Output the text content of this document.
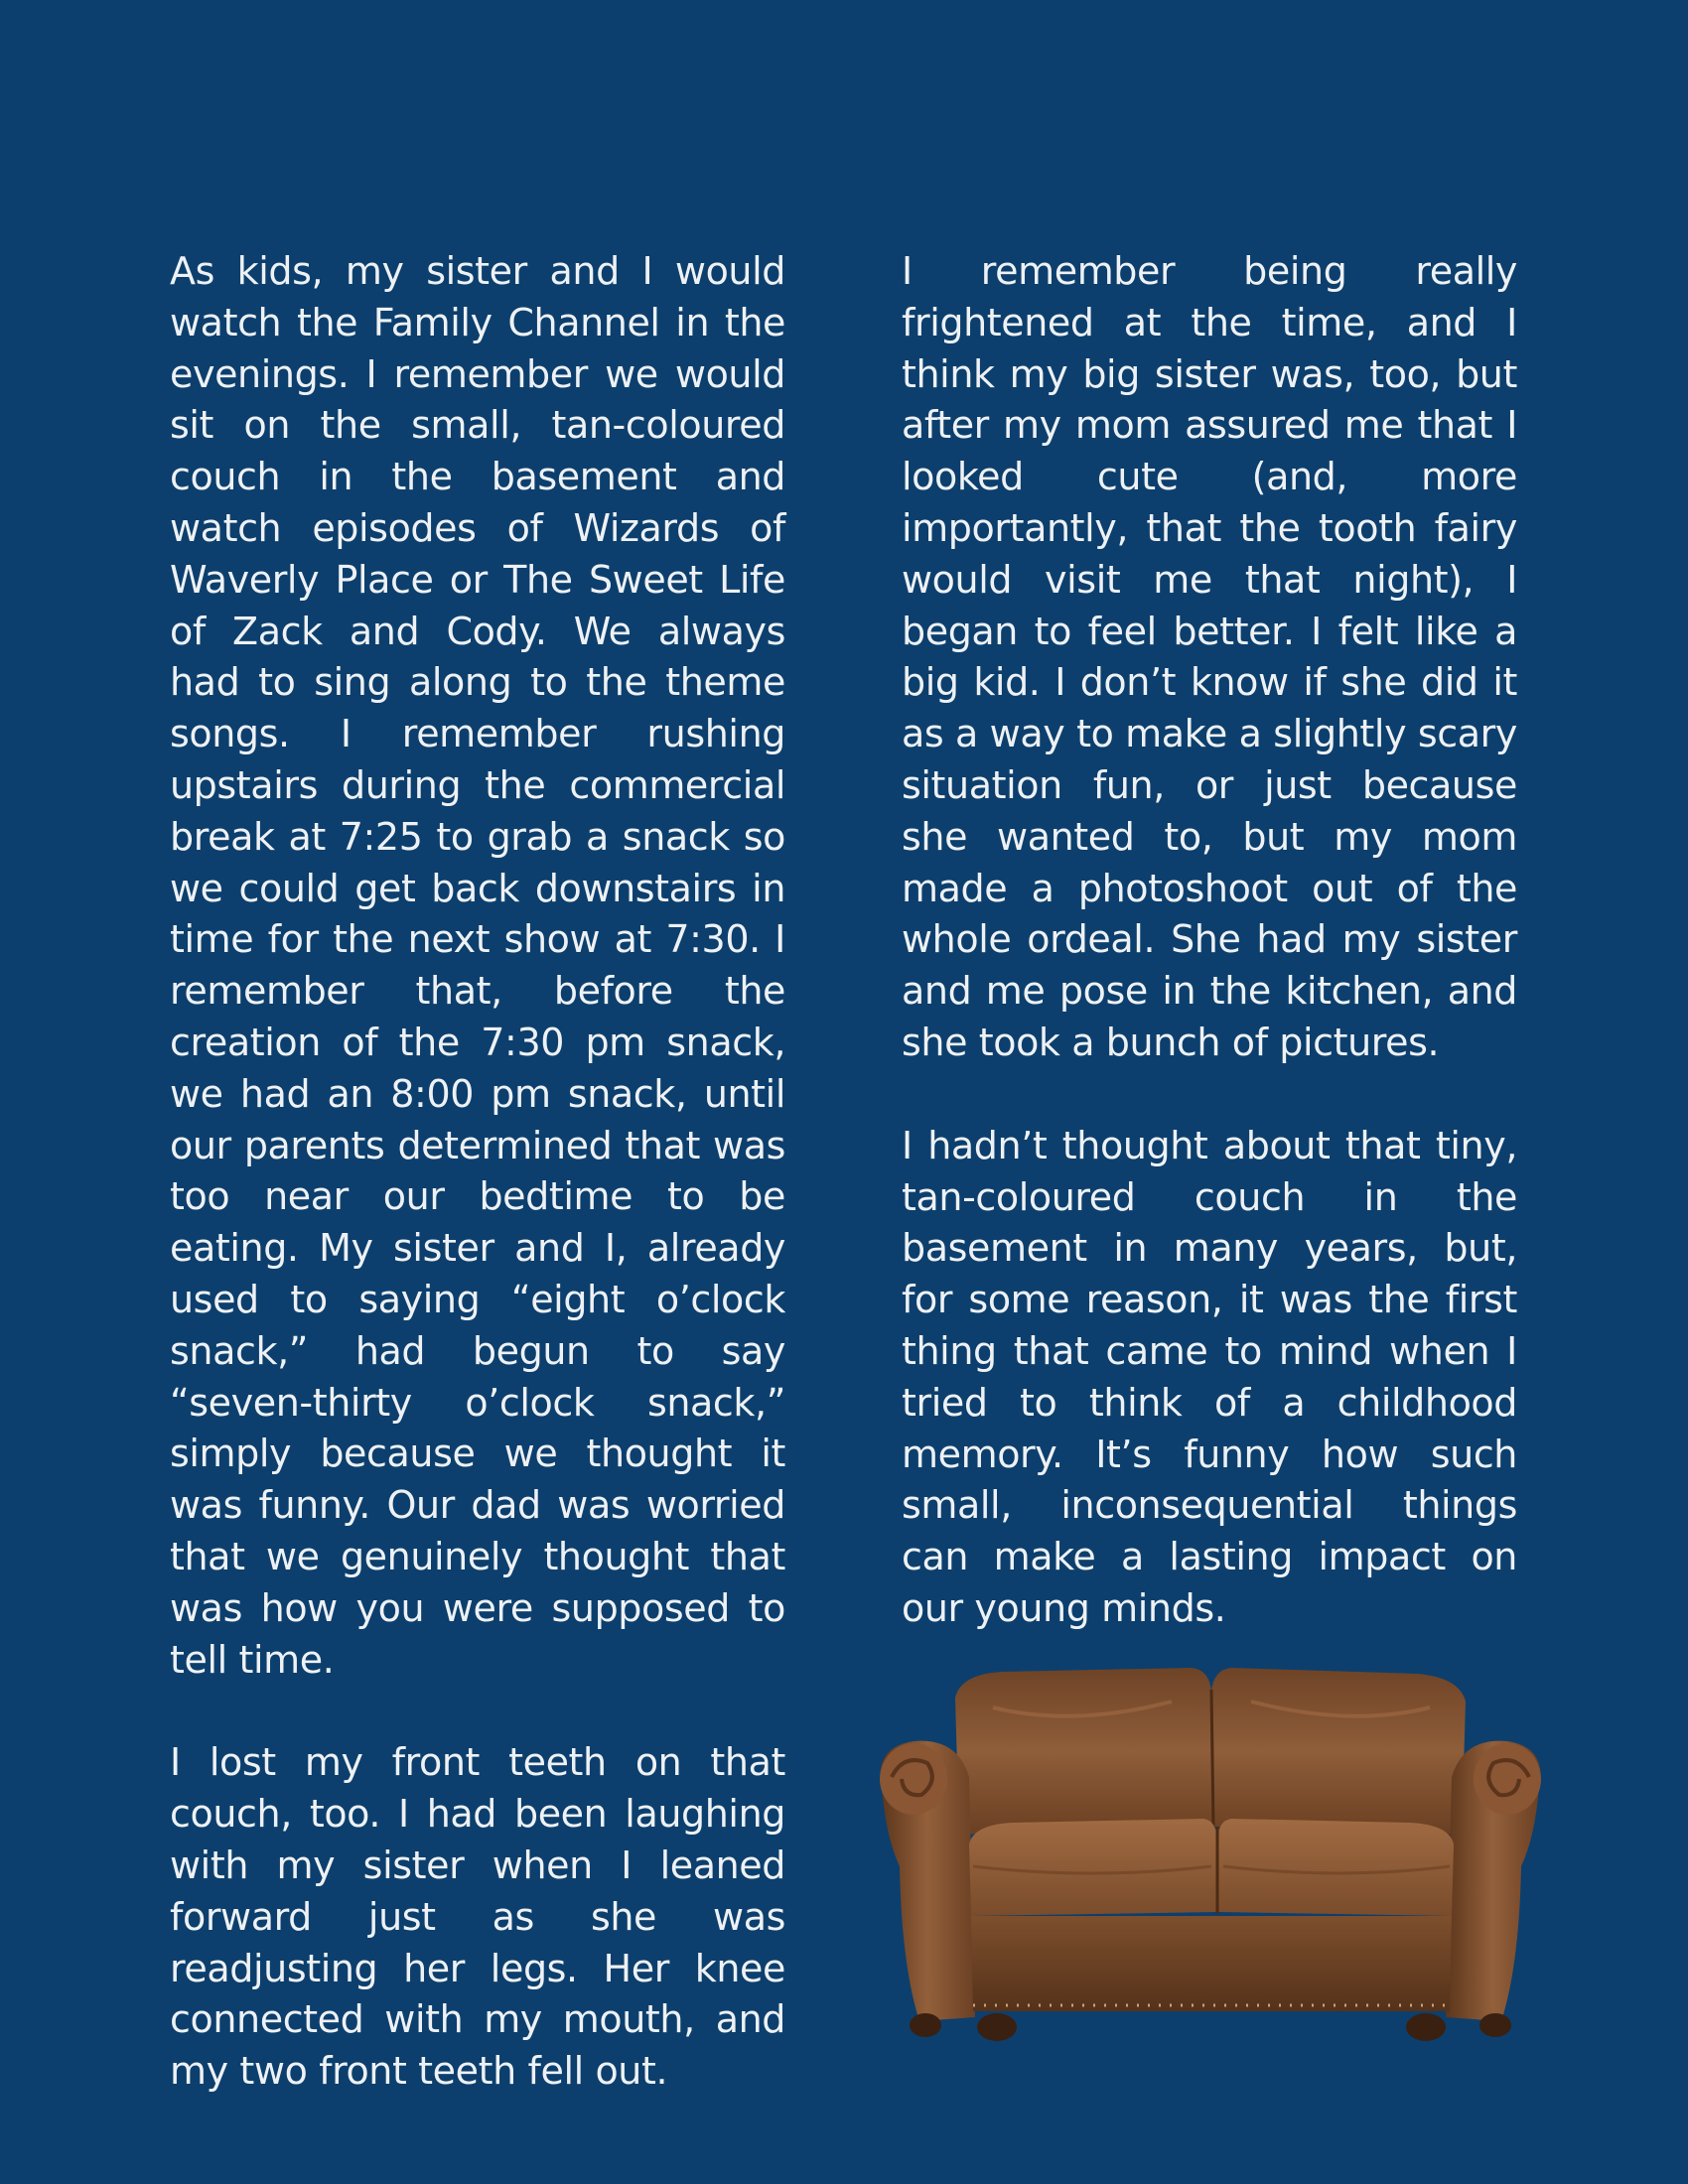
As kids, my sister and I would watch the Family Channel in the evenings. I remember we would sit on the small, tan-coloured couch in the basement and watch episodes of Wizards of Waverly Place or The Sweet Life of Zack and Cody. We always had to sing along to the theme songs. I remember rushing upstairs during the commercial break at 7:25 to grab a snack so we could get back downstairs in time for the next show at 7:30. I remember that, before the creation of the 7:30 pm snack, we had an 8:00 pm snack, until our parents determined that was too near our bedtime to be eating. My sister and I, already used to saying “eight o’clock snack,” had begun to say “seven-thirty o’clock snack,” simply because we thought it was funny. Our dad was worried that we genuinely thought that was how you were supposed to tell time.

I lost my front teeth on that couch, too. I had been laughing with my sister when I leaned forward just as she was readjusting her legs. Her knee connected with my mouth, and my two front teeth fell out.

I remember being really frightened at the time, and I think my big sister was, too, but after my mom assured me that I looked cute (and, more importantly, that the tooth fairy would visit me that night), I began to feel better. I felt like a big kid. I don’t know if she did it as a way to make a slightly scary situation fun, or just because she wanted to, but my mom made a photoshoot out of the whole ordeal. She had my sister and me pose in the kitchen, and she took a bunch of pictures.

I hadn’t thought about that tiny, tan-coloured couch in the basement in many years, but, for some reason, it was the first thing that came to mind when I tried to think of a childhood memory. It’s funny how such small, inconsequential things can make a lasting impact on our young minds.
